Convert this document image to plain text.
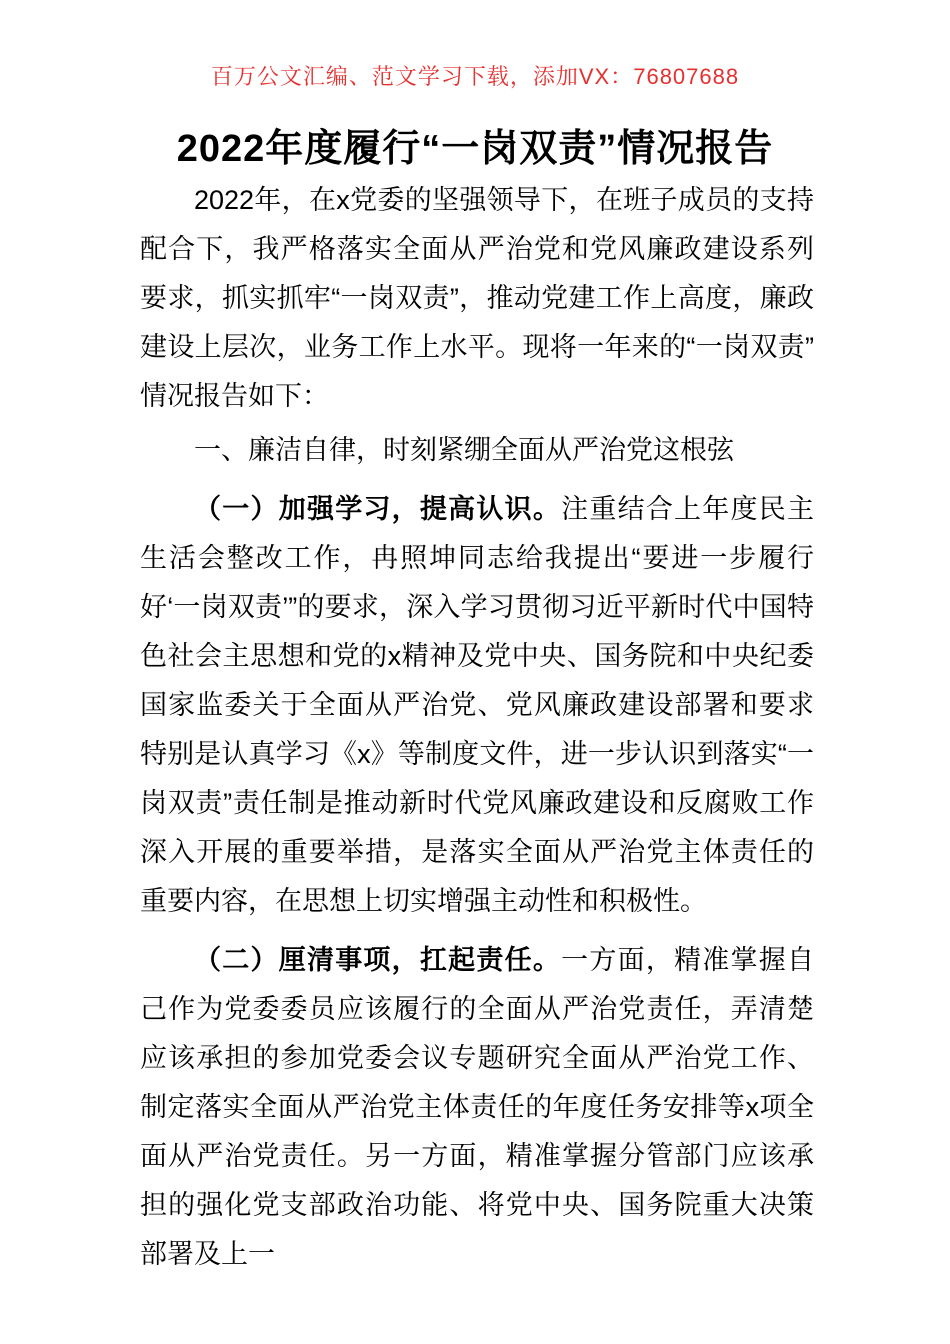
百万公文汇编、范文学习下载，添加VX：76807688
2022年度履行“一岗双责”情况报告

2022年，在x党委的坚强领导下，在班子成员的支持配合下，我严格落实全面从严治党和党风廉政建设系列要求，抓实抓牢“一岗双责”，推动党建工作上高度，廉政建设上层次，业务工作上水平。现将一年来的“一岗双责”情况报告如下：

一、廉洁自律，时刻紧绷全面从严治党这根弦

（一）加强学习，提高认识。注重结合上年度民主生活会整改工作，冉照坤同志给我提出“要进一步履行好‘一岗双责’”的要求，深入学习贯彻习近平新时代中国特色社会主思想和党的x精神及党中央、国务院和中央纪委国家监委关于全面从严治党、党风廉政建设部署和要求特别是认真学习《x》等制度文件，进一步认识到落实“一岗双责”责任制是推动新时代党风廉政建设和反腐败工作深入开展的重要举措，是落实全面从严治党主体责任的重要内容，在思想上切实增强主动性和积极性。

（二）厘清事项，扛起责任。一方面，精准掌握自己作为党委委员应该履行的全面从严治党责任，弄清楚应该承担的参加党委会议专题研究全面从严治党工作、制定落实全面从严治党主体责任的年度任务安排等x项全面从严治党责任。另一方面，精准掌握分管部门应该承担的强化党支部政治功能、将党中央、国务院重大决策部署及上一
